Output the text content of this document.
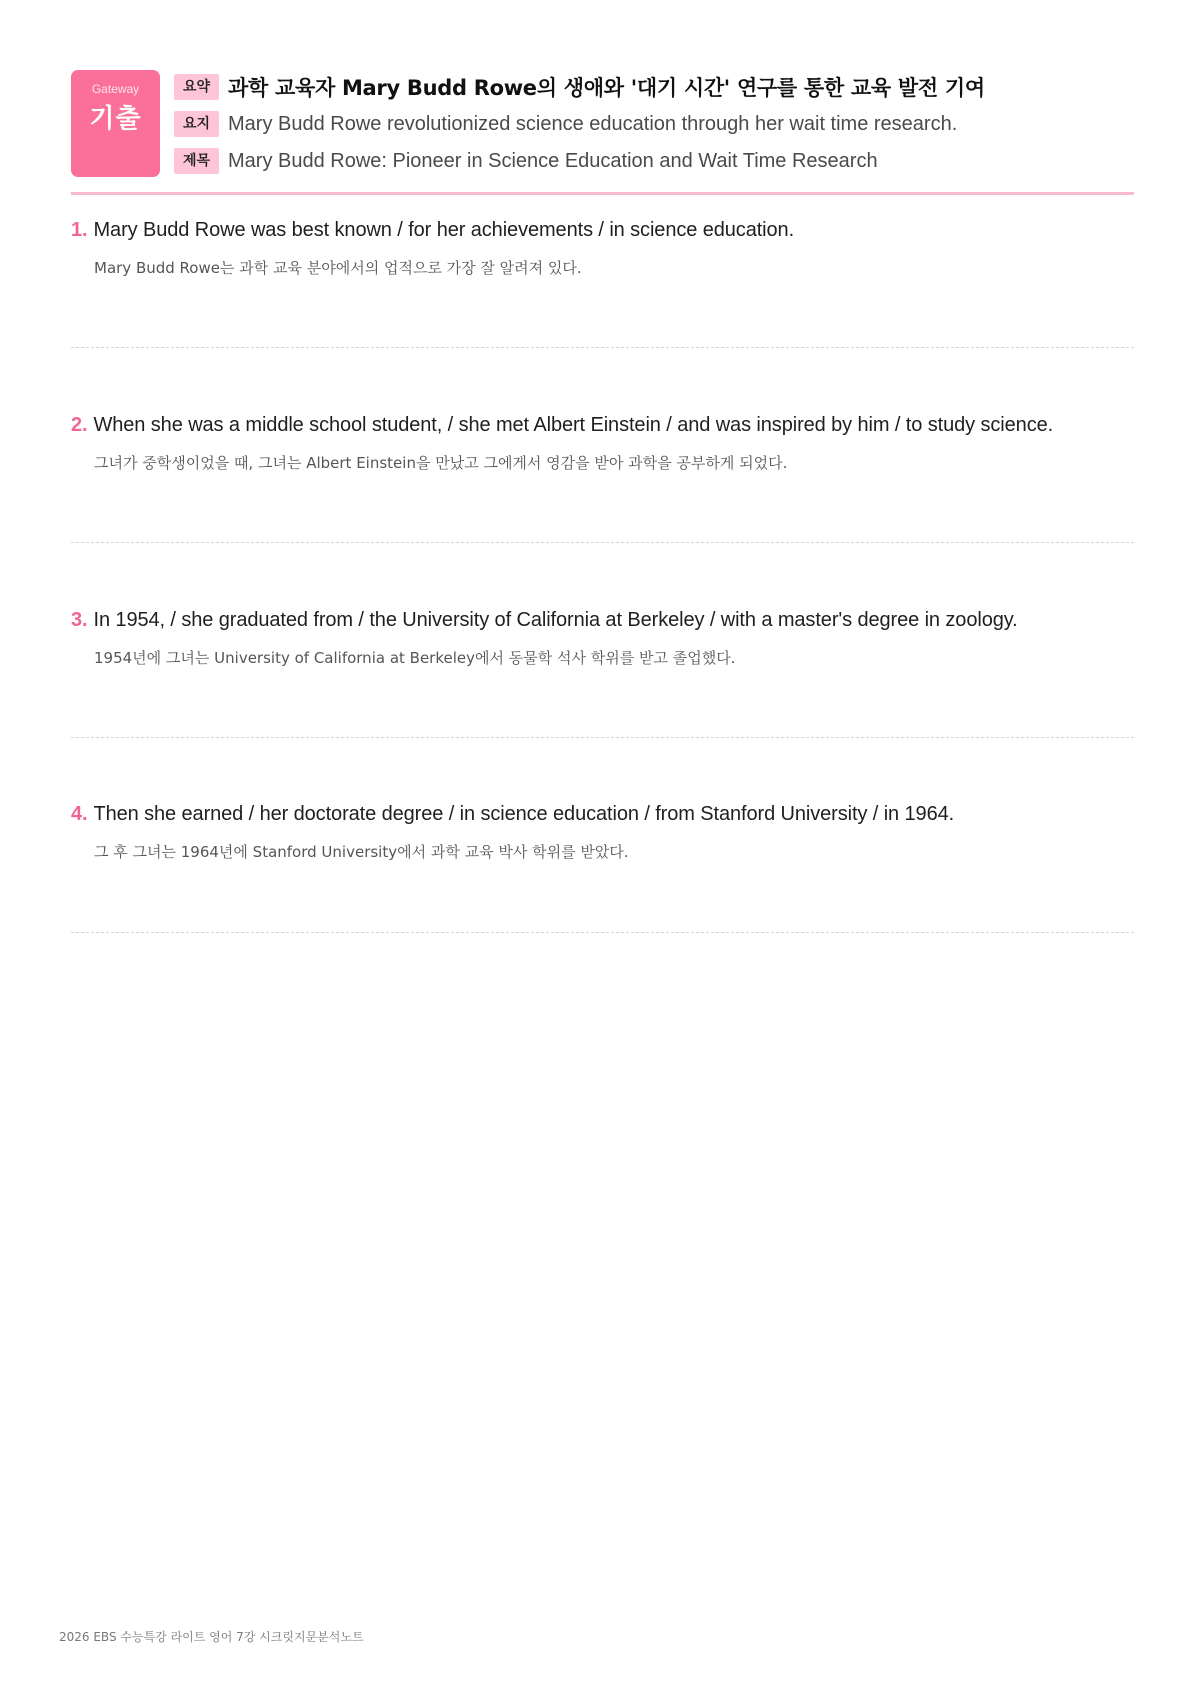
Gateway
기출
요약 과학 교육자 Mary Budd Rowe의 생애와 '대기 시간' 연구를 통한 교육 발전 기여
요지 Mary Budd Rowe revolutionized science education through her wait time research.
제목 Mary Budd Rowe: Pioneer in Science Education and Wait Time Research
1. Mary Budd Rowe was best known / for her achievements / in science education.
Mary Budd Rowe는 과학 교육 분야에서의 업적으로 가장 잘 알려져 있다.
2. When she was a middle school student, / she met Albert Einstein / and was inspired by him / to study science.
그녀가 중학생이었을 때, 그녀는 Albert Einstein을 만났고 그에게서 영감을 받아 과학을 공부하게 되었다.
3. In 1954, / she graduated from / the University of California at Berkeley / with a master's degree in zoology.
1954년에 그녀는 University of California at Berkeley에서 동물학 석사 학위를 받고 졸업했다.
4. Then she earned / her doctorate degree / in science education / from Stanford University / in 1964.
그 후 그녀는 1964년에 Stanford University에서 과학 교육 박사 학위를 받았다.
2026 EBS 수능특강 라이트 영어 7강 시크릿지문분석노트
